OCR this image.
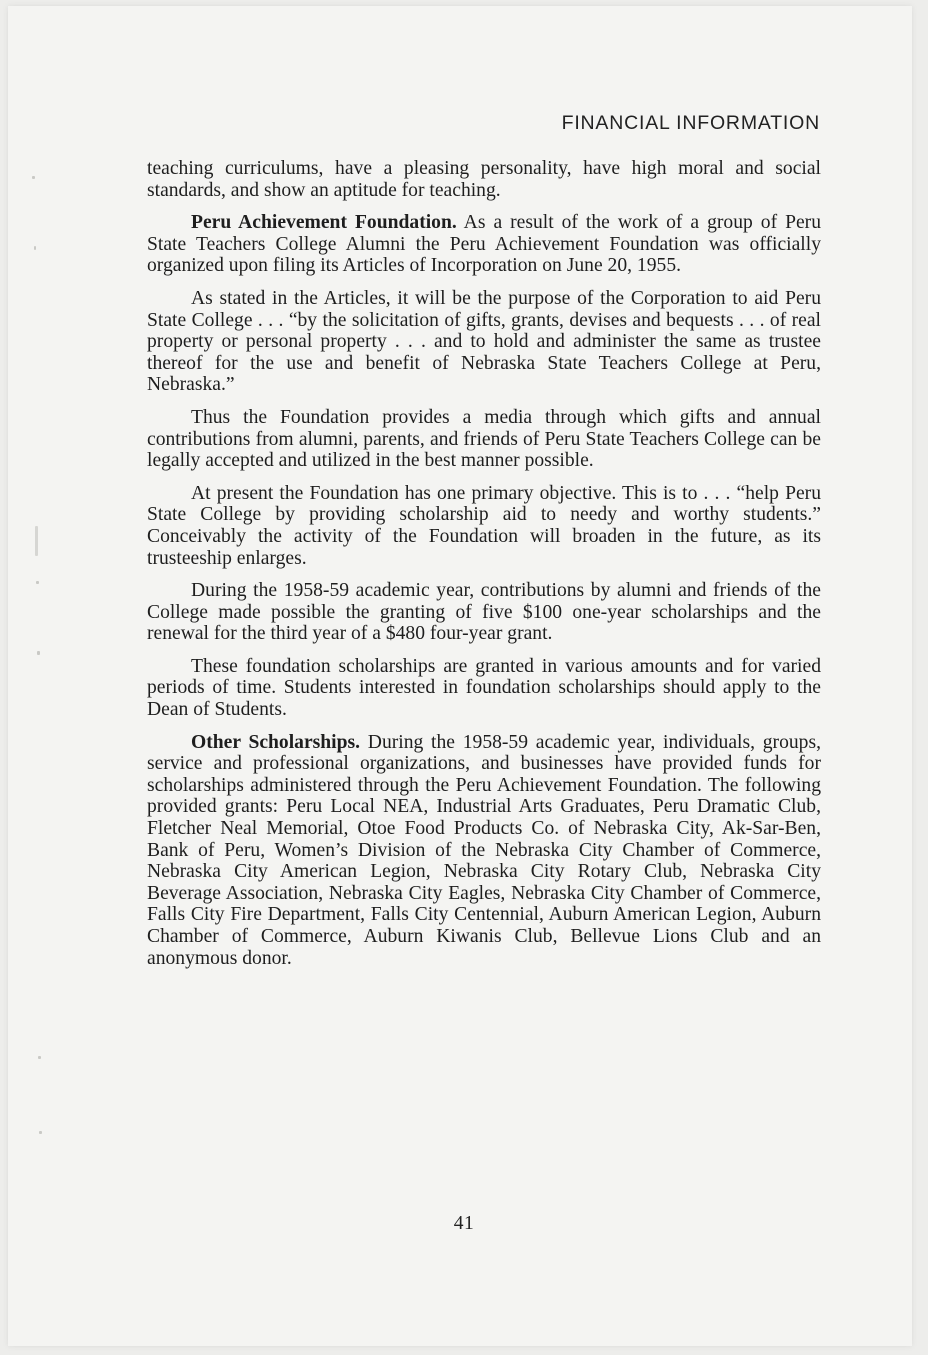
FINANCIAL INFORMATION

teaching curriculums, have a pleasing personality, have high moral and social standards, and show an aptitude for teaching.

Peru Achievement Foundation. As a result of the work of a group of Peru State Teachers College Alumni the Peru Achievement Foundation was officially organized upon filing its Articles of Incorporation on June 20, 1955.

As stated in the Articles, it will be the purpose of the Corporation to aid Peru State College . . . “by the solicitation of gifts, grants, devises and bequests . . . of real property or personal property . . . and to hold and administer the same as trustee thereof for the use and benefit of Nebraska State Teachers College at Peru, Nebraska.”

Thus the Foundation provides a media through which gifts and annual contributions from alumni, parents, and friends of Peru State Teachers College can be legally accepted and utilized in the best manner possible.

At present the Foundation has one primary objective. This is to . . . “help Peru State College by providing scholarship aid to needy and worthy students.” Conceivably the activity of the Foundation will broaden in the future, as its trusteeship enlarges.

During the 1958-59 academic year, contributions by alumni and friends of the College made possible the granting of five $100 one-year scholarships and the renewal for the third year of a $480 four-year grant.

These foundation scholarships are granted in various amounts and for varied periods of time. Students interested in foundation scholarships should apply to the Dean of Students.

Other Scholarships. During the 1958-59 academic year, individuals, groups, service and professional organizations, and businesses have provided funds for scholarships administered through the Peru Achievement Foundation. The following provided grants: Peru Local NEA, Industrial Arts Graduates, Peru Dramatic Club, Fletcher Neal Memorial, Otoe Food Products Co. of Nebraska City, Ak-Sar-Ben, Bank of Peru, Women’s Division of the Nebraska City Chamber of Commerce, Nebraska City American Legion, Nebraska City Rotary Club, Nebraska City Beverage Association, Nebraska City Eagles, Nebraska City Chamber of Commerce, Falls City Fire Department, Falls City Centennial, Auburn American Legion, Auburn Chamber of Commerce, Auburn Kiwanis Club, Bellevue Lions Club and an anonymous donor.

41
